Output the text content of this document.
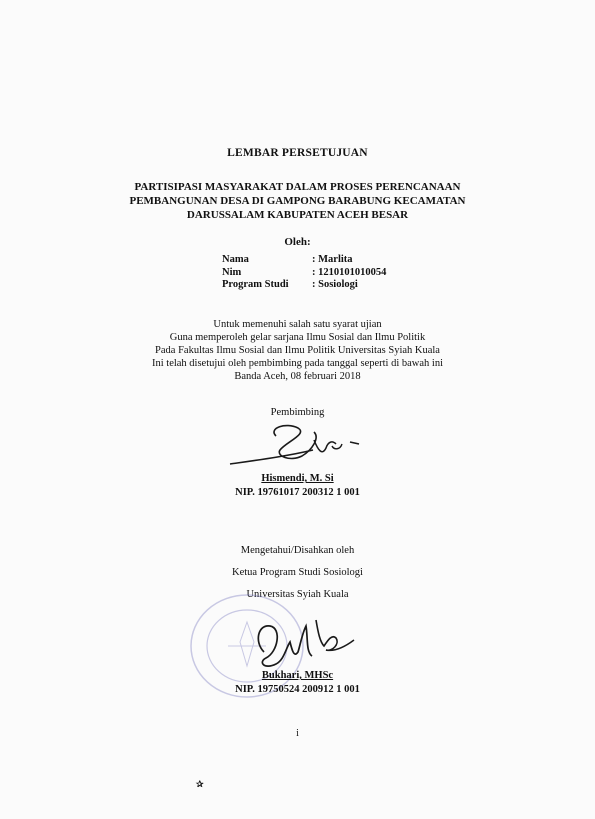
LEMBAR PERSETUJUAN
PARTISIPASI MASYARAKAT DALAM PROSES PERENCANAAN
PEMBANGUNAN DESA DI GAMPONG BARABUNG KECAMATAN
DARUSSALAM KABUPATEN ACEH BESAR
Oleh:
Nama	: Marlita
Nim	: 1210101010054
Program Studi	: Sosiologi
Untuk memenuhi salah satu syarat ujian
Guna memperoleh gelar sarjana Ilmu Sosial dan Ilmu Politik
Pada Fakultas Ilmu Sosial dan Ilmu Politik Universitas Syiah Kuala
Ini telah disetujui oleh pembimbing pada tanggal seperti di bawah ini
Banda Aceh, 08 februari 2018
Pembimbing
Hismendi, M. Si
NIP. 19761017 200312 1 001
Mengetahui/Disahkan oleh
Ketua Program Studi Sosiologi
Universitas Syiah Kuala
Bukhari, MHSc
NIP. 19750524 200912 1 001
i
✰
